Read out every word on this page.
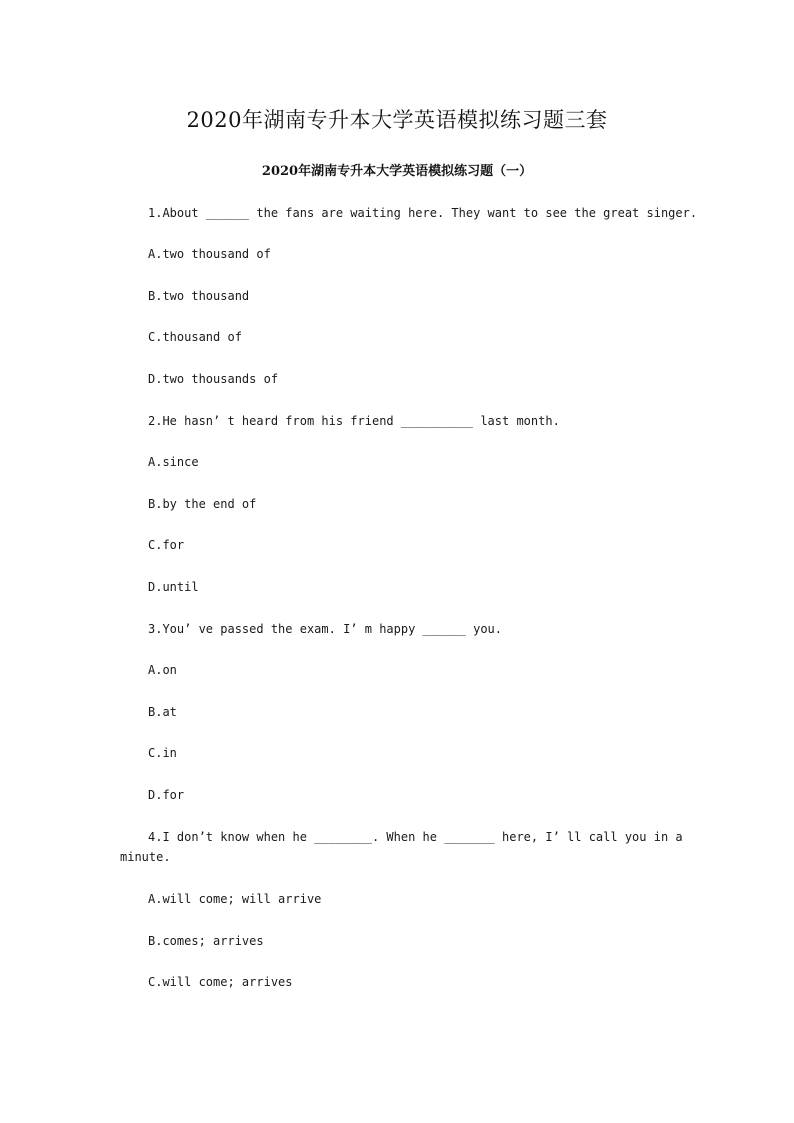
2020年湖南专升本大学英语模拟练习题三套
2020年湖南专升本大学英语模拟练习题（一）
1.About ______ the fans are waiting here. They want to see the great singer.
A.two thousand of
B.two thousand
C.thousand of
D.two thousands of
2.He hasn’ t heard from his friend __________ last month.
A.since
B.by the end of
C.for
D.until
3.You’ ve passed the exam. I’ m happy ______ you.
A.on
B.at
C.in
D.for
4.I don’t know when he ________. When he _______ here, I’ ll call you in a
minute.
A.will come; will arrive
B.comes; arrives
C.will come; arrives
